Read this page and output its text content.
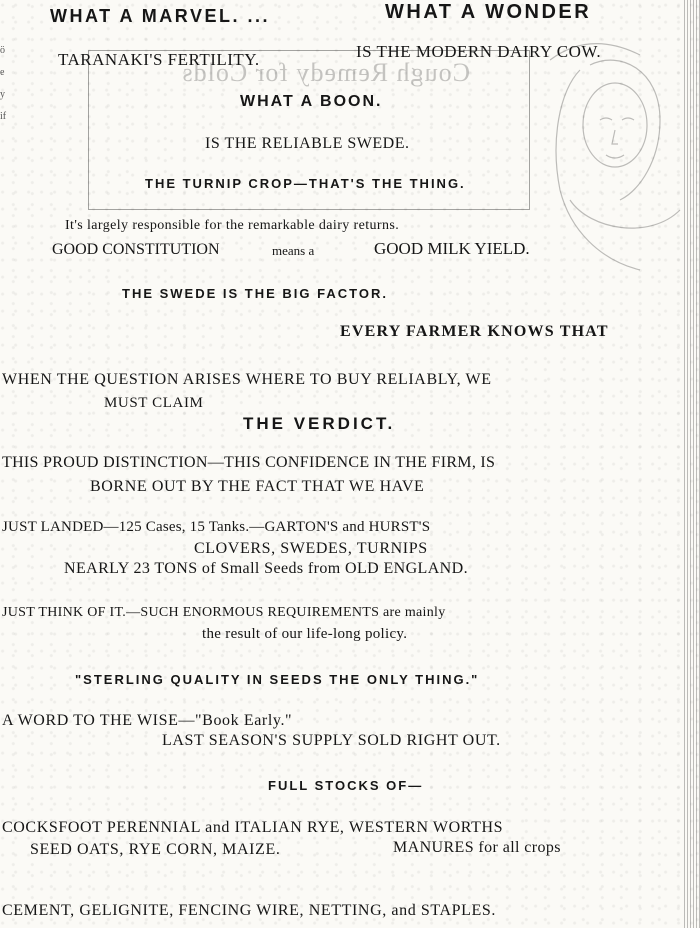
Cough Remedy for Colds
ö
e
y
if
WHAT A MARVEL. ...	WHAT A WONDER
TARANAKI'S FERTILITY.	IS THE MODERN DAIRY COW.
WHAT A BOON.
IS THE RELIABLE SWEDE.
THE TURNIP CROP—THAT'S THE THING.
It's largely responsible for the remarkable dairy returns.
GOOD CONSTITUTION	means a	GOOD MILK YIELD.
THE SWEDE IS THE BIG FACTOR.
EVERY FARMER KNOWS THAT
WHEN THE QUESTION ARISES WHERE TO BUY RELIABLY, WE
MUST CLAIM
THE VERDICT.
THIS PROUD DISTINCTION—THIS CONFIDENCE IN THE FIRM, IS
BORNE OUT BY THE FACT THAT WE HAVE
JUST LANDED—125 Cases, 15 Tanks.—GARTON'S and HURST'S
CLOVERS, SWEDES, TURNIPS
NEARLY 23 TONS of Small Seeds from OLD ENGLAND.
JUST THINK OF IT.—SUCH ENORMOUS REQUIREMENTS are mainly
the result of our life-long policy.
"STERLING QUALITY IN SEEDS THE ONLY THING."
A WORD TO THE WISE—"Book Early."
LAST SEASON'S SUPPLY SOLD RIGHT OUT.
FULL STOCKS OF—
COCKSFOOT PERENNIAL and ITALIAN RYE, WESTERN WORTHS
SEED OATS, RYE CORN, MAIZE.	MANURES for all crops
CEMENT, GELIGNITE, FENCING WIRE, NETTING, and STAPLES.
